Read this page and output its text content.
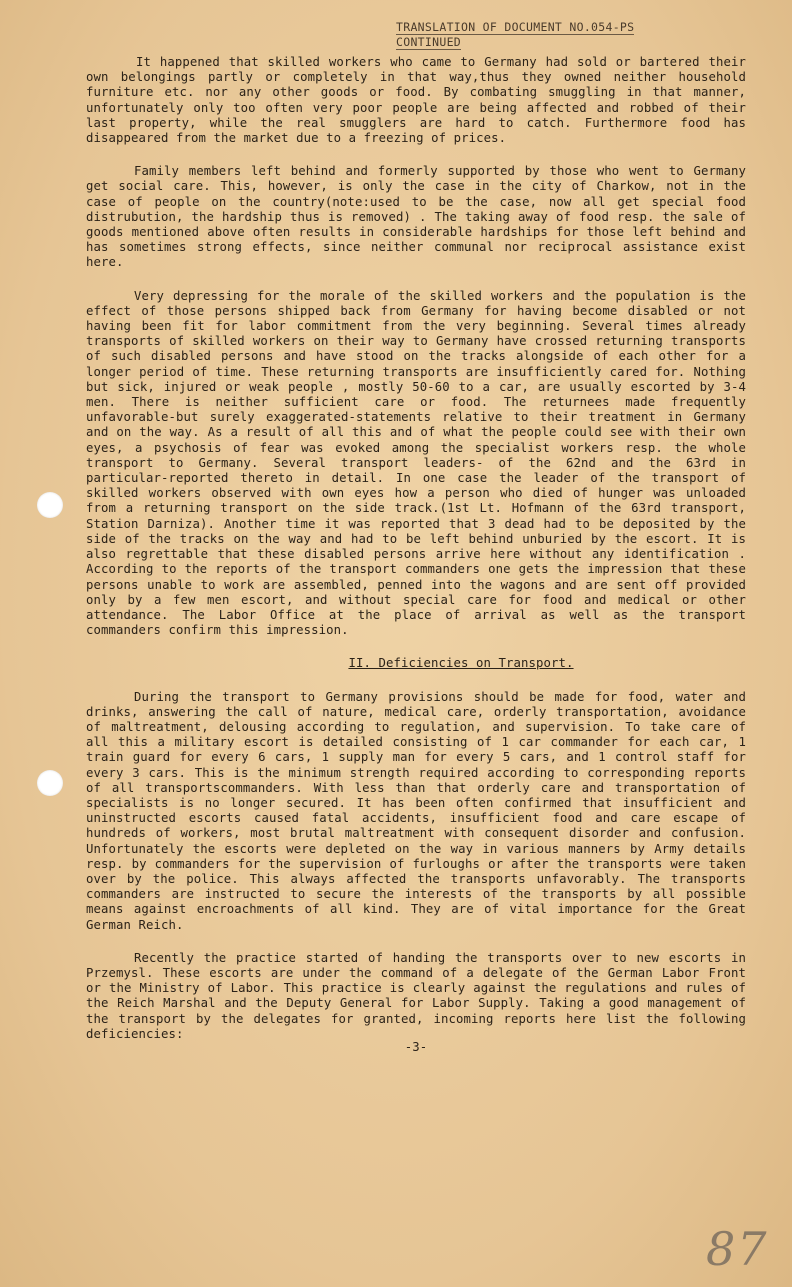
TRANSLATION OF DOCUMENT NO.054-PS
CONTINUED

It happened that skilled workers who came to Germany had sold or bartered their own belongings partly or completely in that way,thus they owned neither household furniture etc. nor any other goods or food. By combating smuggling in that manner, unfortunately only too often very poor people are being affected and robbed of their last property, while the real smugglers are hard to catch. Furthermore food has disappeared from the market due to a freezing of prices.

Family members left behind and formerly supported by those who went to Germany get social care. This, however, is only the case in the city of Charkow, not in the case of people on the country(note:used to be the case, now all get special food distrubution, the hardship thus is removed) . The taking away of food resp. the sale of goods mentioned above often results in considerable hardships for those left behind and has sometimes strong effects, since neither communal nor reciprocal assistance exist here.

Very depressing for the morale of the skilled workers and the population is the effect of those persons shipped back from Germany for having become disabled or not having been fit for labor commitment from the very beginning. Several times already transports of skilled workers on their way to Germany have crossed returning transports of such disabled persons and have stood on the tracks alongside of each other for a longer period of time. These returning transports are insufficiently cared for. Nothing but sick, injured or weak people , mostly 50-60 to a car, are usually escorted by 3-4 men. There is neither sufficient care or food. The returnees made frequently unfavorable-but surely exaggerated-statements relative to their treatment in Germany and on the way. As a result of all this and of what the people could see with their own eyes, a psychosis of fear was evoked among the specialist workers resp. the whole transport to Germany. Several transport leaders- of the 62nd and the 63rd in particular-reported thereto in detail. In one case the leader of the transport of skilled workers observed with own eyes how a person who died of hunger was unloaded from a returning transport on the side track.(1st Lt. Hofmann of the 63rd transport, Station Darniza). Another time it was reported that 3 dead had to be deposited by the side of the tracks on the way and had to be left behind unburied by the escort. It is also regrettable that these disabled persons arrive here without any identification . According to the reports of the transport commanders one gets the impression that these persons unable to work are assembled, penned into the wagons and are sent off provided only by a few men escort, and without special care for food and medical or other attendance. The Labor Office at the place of arrival as well as the transport commanders confirm this impression.

II. Deficiencies on Transport.

During the transport to Germany provisions should be made for food, water and drinks, answering the call of nature, medical care, orderly transportation, avoidance of maltreatment, delousing according to regulation, and supervision. To take care of all this a military escort is detailed consisting of 1 car commander for each car, 1 train guard for every 6 cars, 1 supply man for every 5 cars, and 1 control staff for every 3 cars. This is the minimum strength required according to corresponding reports of all transportscommanders. With less than that orderly care and transportation of specialists is no longer secured. It has been often confirmed that insufficient and uninstructed escorts caused fatal accidents, insufficient food and care escape of hundreds of workers, most brutal maltreatment with consequent disorder and confusion. Unfortunately the escorts were depleted on the way in various manners by Army details resp. by commanders for the supervision of furloughs or after the transports were taken over by the police. This always affected the transports unfavorably. The transports commanders are instructed to secure the interests of the transports by all possible means against encroachments of all kind. They are of vital importance for the Great German Reich.

Recently the practice started of handing the transports over to new escorts in Przemysl. These escorts are under the command of a delegate of the German Labor Front or the Ministry of Labor. This practice is clearly against the regulations and rules of the Reich Marshal and the Deputy General for Labor Supply. Taking a good management of the transport by the delegates for granted, incoming reports here list the following deficiencies:

-3-
87
